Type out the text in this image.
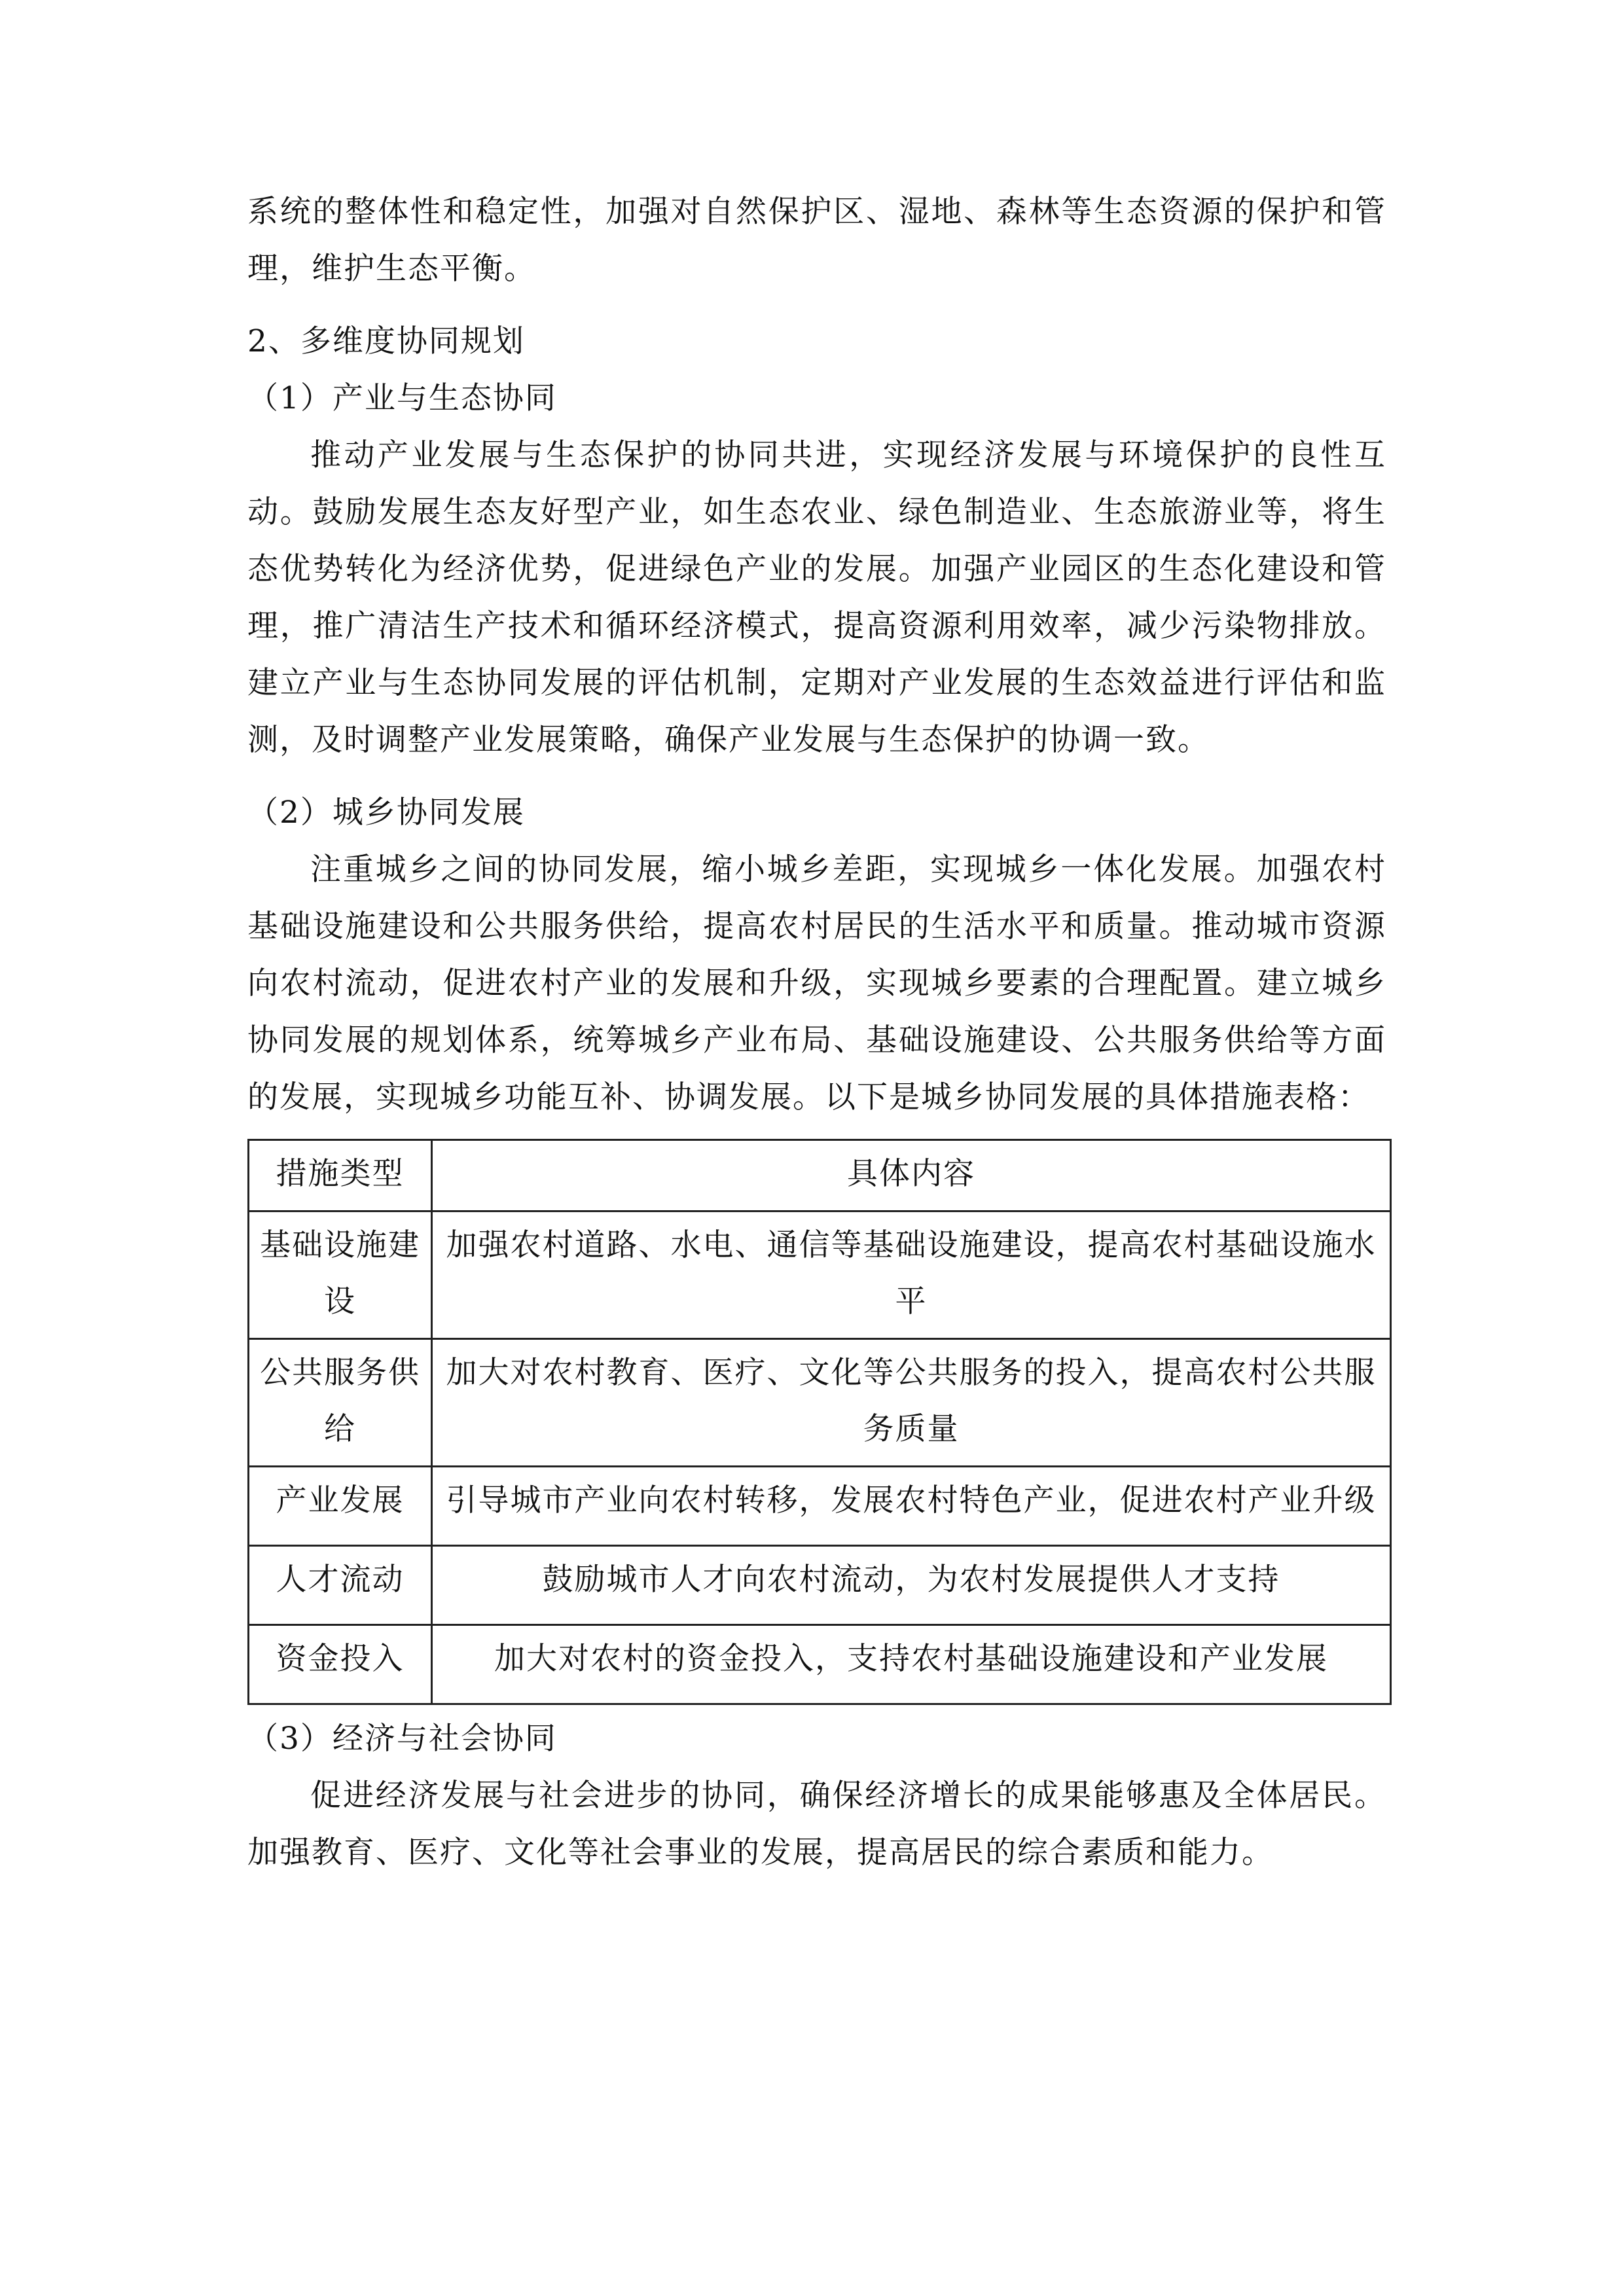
系统的整体性和稳定性，加强对自然保护区、湿地、森林等生态资源的保护和管理，维护生态平衡。

2、多维度协同规划

（1）产业与生态协同

推动产业发展与生态保护的协同共进，实现经济发展与环境保护的良性互动。鼓励发展生态友好型产业，如生态农业、绿色制造业、生态旅游业等，将生态优势转化为经济优势，促进绿色产业的发展。加强产业园区的生态化建设和管理，推广清洁生产技术和循环经济模式，提高资源利用效率，减少污染物排放。建立产业与生态协同发展的评估机制，定期对产业发展的生态效益进行评估和监测，及时调整产业发展策略，确保产业发展与生态保护的协调一致。

（2）城乡协同发展

注重城乡之间的协同发展，缩小城乡差距，实现城乡一体化发展。加强农村基础设施建设和公共服务供给，提高农村居民的生活水平和质量。推动城市资源向农村流动，促进农村产业的发展和升级，实现城乡要素的合理配置。建立城乡协同发展的规划体系，统筹城乡产业布局、基础设施建设、公共服务供给等方面的发展，实现城乡功能互补、协调发展。以下是城乡协同发展的具体措施表格：

措施类型	具体内容
基础设施建设	加强农村道路、水电、通信等基础设施建设，提高农村基础设施水平
公共服务供给	加大对农村教育、医疗、文化等公共服务的投入，提高农村公共服务质量
产业发展	引导城市产业向农村转移，发展农村特色产业，促进农村产业升级
人才流动	鼓励城市人才向农村流动，为农村发展提供人才支持
资金投入	加大对农村的资金投入，支持农村基础设施建设和产业发展

（3）经济与社会协同

促进经济发展与社会进步的协同，确保经济增长的成果能够惠及全体居民。加强教育、医疗、文化等社会事业的发展，提高居民的综合素质和能力。
